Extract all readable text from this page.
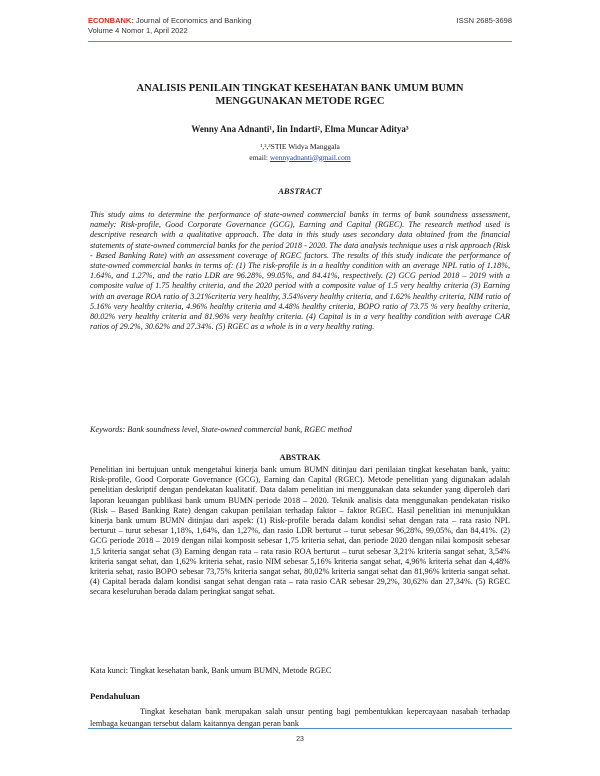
ECONBANK: Journal of Economics and Banking
Volume 4 Nomor 1, April 2022
ISSN 2685-3698
ANALISIS PENILAIN TINGKAT KESEHATAN BANK UMUM BUMN
MENGGUNAKAN METODE RGEC
Wenny Ana Adnanti¹, Iin Indarti², Elma Muncar Aditya³
¹,²,³STIE Widya Manggala
email: wennyadnanti@gmail.com
ABSTRACT
This study aims to determine the performance of state-owned commercial banks in terms of bank soundness assessment, namely: Risk-profile, Good Corporate Governance (GCG), Earning and Capital (RGEC). The research method used is descriptive research with a qualitative approach. The data in this study uses secondary data obtained from the financial statements of state-owned commercial banks for the period 2018 - 2020. The data analysis technique uses a risk approach (Risk - Based Banking Rate) with an assessment coverage of RGEC factors. The results of this study indicate the performance of state-owned commercial banks in terms of: (1) The risk-profile is in a healthy condition with an average NPL ratio of 1.18%, 1.64%, and 1.27%, and the ratio LDR are 96.28%, 99.05%, and 84.41%, respectively. (2) GCG period 2018 – 2019 with a composite value of 1.75 healthy criteria, and the 2020 period with a composite value of 1.5 very healthy criteria (3) Earning with an average ROA ratio of 3.21%criteria very healthy, 3.54%very healthy criteria, and 1.62% healthy criteria, NIM ratio of 5.16% very healthy criteria, 4.96% healthy criteria and 4.48% healthy criteria, BOPO ratio of 73.75 % very healthy criteria, 80.02% very healthy criteria and 81.96% very healthy criteria. (4) Capital is in a very healthy condition with average CAR ratios of 29.2%, 30.62% and 27.34%. (5) RGEC as a whole is in a very healthy rating.
Keywords: Bank soundness level, State-owned commercial bank, RGEC method
ABSTRAK
Penelitian ini bertujuan untuk mengetahui kinerja bank umum BUMN ditinjau dari penilaian tingkat kesehatan bank, yaitu: Risk-profile, Good Corporate Governance (GCG), Earning dan Capital (RGEC). Metode penelitian yang digunakan adalah penelitian deskriptif dengan pendekatan kualitatif. Data dalam penelitian ini menggunakan data sekunder yang diperoleh dari laporan keuangan publikasi bank umum BUMN periode 2018 – 2020. Teknik analisis data menggunakan pendekatan risiko (Risk – Based Banking Rate) dengan cakupan penilaian terhadap faktor – faktor RGEC. Hasil penelitian ini menunjukkan kinerja bank umum BUMN ditinjau dari aspek: (1) Risk-profile berada dalam kondisi sehat dengan rata – rata rasio NPL berturut – turut sebesar 1,18%, 1,64%, dan 1,27%, dan rasio LDR berturut – turut sebesar 96,28%, 99,05%, dan 84,41%. (2) GCG periode 2018 – 2019 dengan nilai komposit sebesar 1,75 kriteria sehat, dan periode 2020 dengan nilai komposit sebesar 1,5 kriteria sangat sehat (3) Earning dengan rata – rata rasio ROA berturut – turut sebesar 3,21% kriteria sangat sehat, 3,54% kriteria sangat sehat, dan 1,62% kriteria sehat, rasio NIM sebesar 5,16% kriteria sangat sehat, 4,96% kriteria sehat dan 4,48% kriteria sehat, rasio BOPO sebesar 73,75% kriteria sangat sehat, 80,02% kriteria sangat sehat dan 81,96% kriteria sangat sehat. (4) Capital berada dalam kondisi sangat sehat dengan rata – rata rasio CAR sebesar 29,2%, 30,62% dan 27,34%. (5) RGEC secara keseluruhan berada dalam peringkat sangat sehat.
Kata kunci: Tingkat kesehatan bank, Bank umum BUMN, Metode RGEC
Pendahuluan
Tingkat kesehatan bank merupakan salah unsur penting bagi pembentukkan kepercayaan nasabah terhadap lembaga keuangan tersebut dalam kaitannya dengan peran bank
23
